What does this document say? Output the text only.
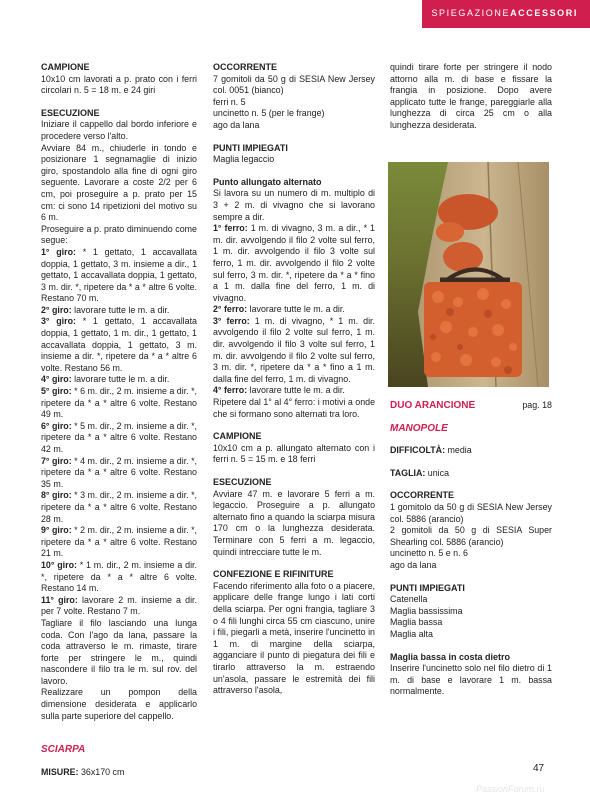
SPIEGAZIONEACCESSORI
CAMPIONE

10x10 cm lavorati a p. prato con i ferri circolari n. 5 = 18 m. e 24 giri

ESECUZIONE

Iniziare il cappello dal bordo inferiore e procedere verso l'alto.

Avviare 84 m., chiuderle in tondo e posizionare 1 segnamaglie di inizio giro, spostandolo alla fine di ogni giro seguente. Lavorare a coste 2/2 per 6 cm, poi proseguire a p. prato per 15 cm: ci sono 14 ripetizioni del motivo su 6 m.

Proseguire a p. prato diminuendo come segue:

1° giro: * 1 gettato, 1 accavallata doppia, 1 gettato, 3 m. insieme a dir., 1 gettato, 1 accavallata doppia, 1 gettato, 3 m. dir. *, ripetere da * a * altre 6 volte. Restano 70 m.

2° giro: lavorare tutte le m. a dir.

3° giro: * 1 gettato, 1 accavallata doppia, 1 gettato, 1 m. dir., 1 gettato, 1 accavallata doppia, 1 gettato, 3 m. insieme a dir. *, ripetere da * a * altre 6 volte. Restano 56 m.

4° giro: lavorare tutte le m. a dir.

5° giro: * 6 m. dir., 2 m. insieme a dir. *, ripetere da * a * altre 6 volte. Restano 49 m.

6° giro: * 5 m. dir., 2 m. insieme a dir. *, ripetere da * a * altre 6 volte. Restano 42 m.

7° giro: * 4 m. dir., 2 m. insieme a dir. *, ripetere da * a * altre 6 volte. Restano 35 m.

8° giro: * 3 m. dir., 2 m. insieme a dir. *, ripetere da * a * altre 6 volte. Restano 28 m.

9° giro: * 2 m. dir., 2 m. insieme a dir. *, ripetere da * a * altre 6 volte. Restano 21 m.

10° giro: * 1 m. dir., 2 m. insieme a dir. *, ripetere da * a * altre 6 volte. Restano 14 m.

11° giro: lavorare 2 m. insieme a dir. per 7 volte. Restano 7 m.

Tagliare il filo lasciando una lunga coda. Con l'ago da lana, passare la coda attraverso le m. rimaste, tirare forte per stringere le m., quindi nascondere il filo tra le m. sul rov. del lavoro.

Realizzare un pompon della dimensione desiderata e applicarlo sulla parte superiore del cappello.

SCIARPA

MISURE: 36x170 cm

OCCORRENTE

7 gomitoli da 50 g di SESIA New Jersey col. 0051 (bianco)

ferri n. 5

uncinetto n. 5 (per le frange)

ago da lana

PUNTI IMPIEGATI

Maglia legaccio

Punto allungato alternato

Si lavora su un numero di m. multiplo di 3 + 2 m. di vivagno che si lavorano sempre a dir.

1° ferro: 1 m. di vivagno, 3 m. a dir., * 1 m. dir. avvolgendo il filo 2 volte sul ferro, 1 m. dir. avvolgendo il filo 3 volte sul ferro, 1 m. dir. avvolgendo il filo 2 volte sul ferro, 3 m. dir. *, ripetere da * a * fino a 1 m. dalla fine del ferro, 1 m. di vivagno.

2° ferro: lavorare tutte le m. a dir.

3° ferro: 1 m. di vivagno, * 1 m. dir. avvolgendo il filo 2 volte sul ferro, 1 m. dir. avvolgendo il filo 3 volte sul ferro, 1 m. dir. avvolgendo il filo 2 volte sul ferro, 3 m. dir. *, ripetere da * a * fino a 1 m. dalla fine del ferro, 1 m. di vivagno.

4° ferro: lavorare tutte le m. a dir.

Ripetere dal 1° al 4° ferro: i motivi a onde che si formano sono alternati tra loro.

CAMPIONE

10x10 cm a p. allungato alternato con i ferri n. 5 = 15 m. e 18 ferri

ESECUZIONE

Avviare 47 m. e lavorare 5 ferri a m. legaccio. Proseguire a p. allungato alternato fino a quando la sciarpa misura 170 cm o la lunghezza desiderata. Terminare con 5 ferri a m. legaccio, quindi intrecciare tutte le m.

CONFEZIONE E RIFINITURE

Facendo riferimento alla foto o a piacere, applicare delle frange lungo i lati corti della sciarpa. Per ogni frangia, tagliare 3 o 4 fili lunghi circa 55 cm ciascuno, unire i fili, piegarli a metà, inserire l'uncinetto in 1 m. di margine della sciarpa, agganciare il punto di piegatura dei fili e tirarlo attraverso la m. estraendo un'asola, passare le estremità dei fili attraverso l'asola,

quindi tirare forte per stringere il nodo attorno alla m. di base e fissare la frangia in posizione. Dopo avere applicato tutte le frange, pareggiarle alla lunghezza di circa 25 cm o alla lunghezza desiderata.

DUO ARANCIONE	pag. 18
MANOPOLE

DIFFICOLTÀ: media

TAGLIA: unica

OCCORRENTE

1 gomitolo da 50 g di SESIA New Jersey col. 5886 (arancio)

2 gomitoli da 50 g di SESIA Super Shearling col. 5886 (arancio)

uncinetto n. 5 e n. 6

ago da lana

PUNTI IMPIEGATI

Catenella

Maglia bassissima

Maglia bassa

Maglia alta

Maglia bassa in costa dietro

Inserire l'uncinetto solo nel filo dietro di 1 m. di base e lavorare 1 m. bassa normalmente.

47
PassionForum.ru
